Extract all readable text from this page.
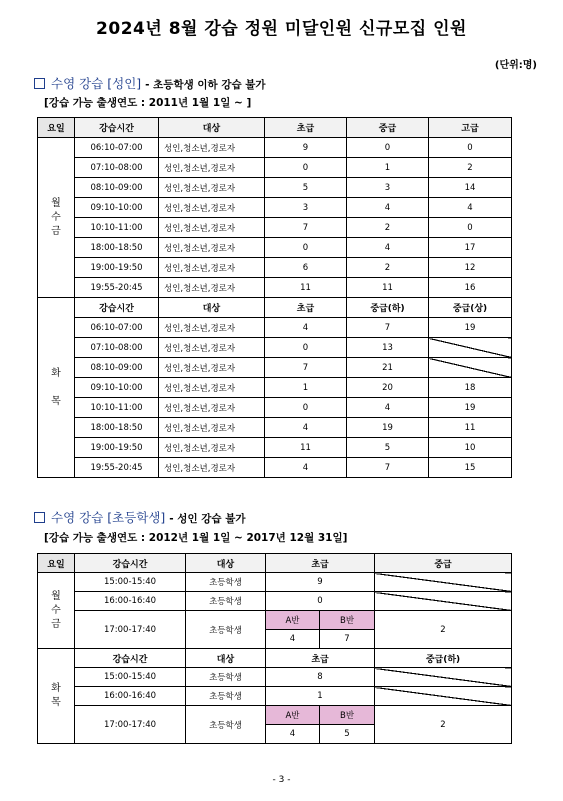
2024년 8월 강습 정원 미달인원 신규모집 인원
(단위:명)
수영 강습 [성인] - 초등학생 이하 강습 불가
[강습 가능 출생연도 : 2011년 1월 1일 ~ ]
요일	강습시간	대상	초급	중급	고급
월
수
금	06:10-07:00	성인,청소년,경로자	9	0	0
	07:10-08:00	성인,청소년,경로자	0	1	2
	08:10-09:00	성인,청소년,경로자	5	3	14
	09:10-10:00	성인,청소년,경로자	3	4	4
	10:10-11:00	성인,청소년,경로자	7	2	0
	18:00-18:50	성인,청소년,경로자	0	4	17
	19:00-19:50	성인,청소년,경로자	6	2	12
	19:55-20:45	성인,청소년,경로자	11	11	16
화

목	강습시간	대상	초급	중급(하)	중급(상)
	06:10-07:00	성인,청소년,경로자	4	7	19
	07:10-08:00	성인,청소년,경로자	0	13	
	08:10-09:00	성인,청소년,경로자	7	21	
	09:10-10:00	성인,청소년,경로자	1	20	18
	10:10-11:00	성인,청소년,경로자	0	4	19
	18:00-18:50	성인,청소년,경로자	4	19	11
	19:00-19:50	성인,청소년,경로자	11	5	10
	19:55-20:45	성인,청소년,경로자	4	7	15
수영 강습 [초등학생] - 성인 강습 불가
[강습 가능 출생연도 : 2012년 1월 1일 ~ 2017년 12월 31일]
요일	강습시간	대상	초급		중급
월
수
금	15:00-15:40	초등학생	9		
	16:00-16:40	초등학생	0		
	17:00-17:40	초등학생	A반	B반	2
			4	7	
화
목	강습시간	대상	초급		중급(하)
	15:00-15:40	초등학생	8		
	16:00-16:40	초등학생	1		
	17:00-17:40	초등학생	A반	B반	2
			4	5	
- 3 -
